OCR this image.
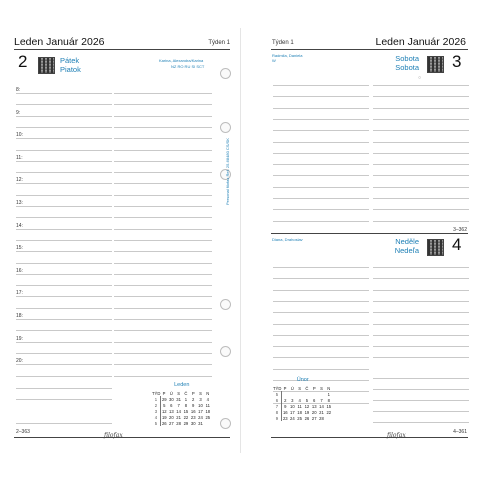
Leden Január 2026	Týden 1
2	Pátek
Piatok
Karina, Alexandra/Karina
NZ RO RU SI SCT
8:
9:
10:
11:
12:
13:
14:
15:
16:
17:
18:
19:
20:
Leden
TÝD	P	Ú	S	Č	P	S	N
1	29	30	31	1	2	3	4
2	5	6	7	8	9	10	11
3	12	13	14	15	16	17	18
4	19	20	21	22	23	24	25
5	26	27	28	29	30	31	
2–363	filofax
Personal filofax Ref. 25-68480 CS/SK
Týden 1	Leden Január 2026
Radmila, Daniela
W	Sobota
Sobota 3
○
3–362
Diana, Drahoslav	Neděle
Nedeľa 4
Únor
TÝD	P	Ú	S	Č	P	S	N
5							1
6	2	3	4	5	6	7	8
7	9	10	11	12	13	14	15
8	16	17	18	19	20	21	22
9	23	24	25	26	27	28	
4–361
filofax
